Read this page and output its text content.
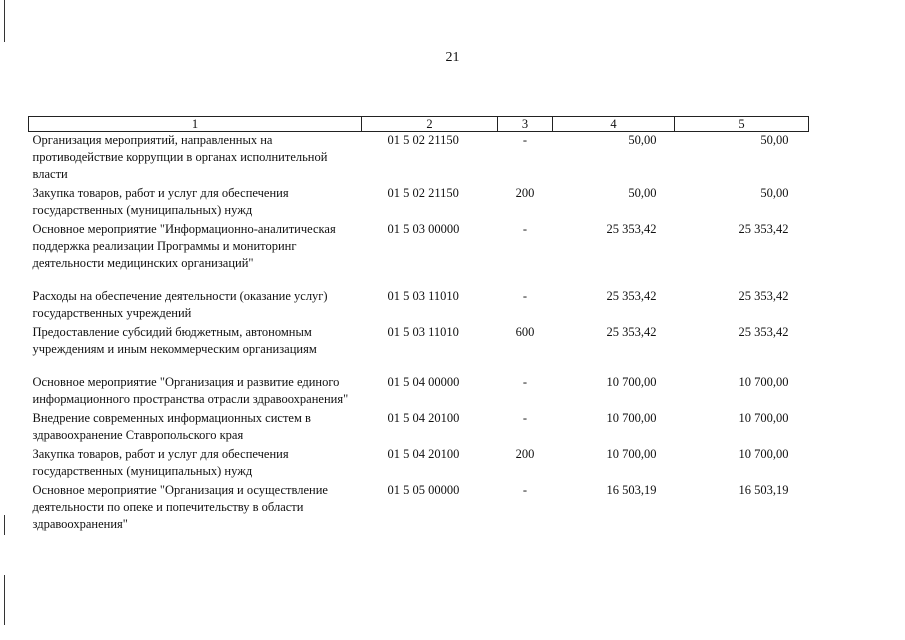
21
1	2	3	4	5
Организация мероприятий, направленных на противодействие коррупции в органах исполнительной власти	01 5 02 21150	-	50,00	50,00
Закупка товаров, работ и услуг для обеспечения государственных (муниципальных) нужд	01 5 02 21150	200	50,00	50,00
Основное мероприятие "Информационно-аналитическая поддержка реализации Программы и мониторинг деятельности медицинских организаций"	01 5 03 00000	-	25 353,42	25 353,42
Расходы на обеспечение деятельности (оказание услуг) государственных учреждений	01 5 03 11010	-	25 353,42	25 353,42
Предоставление субсидий бюджетным, автономным учреждениям и иным некоммерческим организациям	01 5 03 11010	600	25 353,42	25 353,42
Основное мероприятие "Организация и развитие единого информационного пространства отрасли здравоохранения"	01 5 04 00000	-	10 700,00	10 700,00
Внедрение современных информационных систем в здравоохранение Ставропольского края	01 5 04 20100	-	10 700,00	10 700,00
Закупка товаров, работ и услуг для обеспечения государственных (муниципальных) нужд	01 5 04 20100	200	10 700,00	10 700,00
Основное мероприятие "Организация и осуществление деятельности по опеке и попечительству в области здравоохранения"	01 5 05 00000	-	16 503,19	16 503,19
